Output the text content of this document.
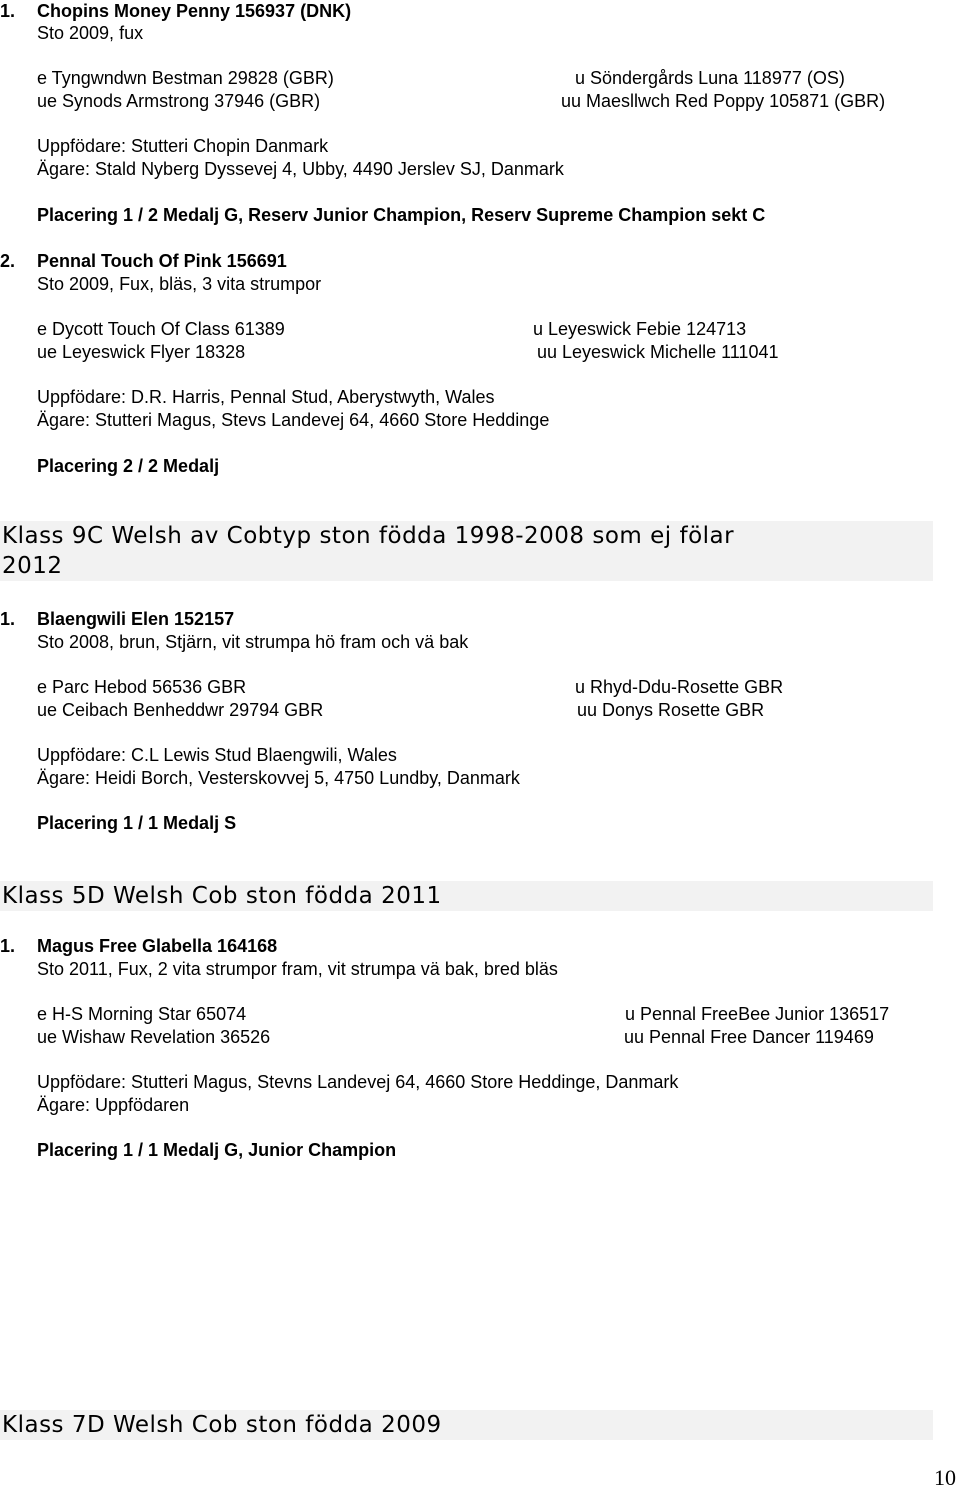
1. Chopins Money Penny 156937 (DNK)
Sto 2009, fux
e Tyngwndwn Bestman 29828 (GBR)	u Söndergårds Luna 118977 (OS)
ue Synods Armstrong 37946 (GBR)	uu Maesllwch Red Poppy 105871 (GBR)
Uppfödare: Stutteri Chopin Danmark
Ägare: Stald Nyberg Dyssevej 4, Ubby, 4490 Jerslev SJ, Danmark
Placering 1 / 2 Medalj G, Reserv Junior Champion, Reserv Supreme Champion sekt C
2. Pennal Touch Of Pink 156691
Sto 2009, Fux, bläs, 3 vita strumpor
e Dycott Touch Of Class 61389	u Leyeswick Febie 124713
ue Leyeswick Flyer 18328	uu Leyeswick Michelle 111041
Uppfödare: D.R. Harris, Pennal Stud, Aberystwyth, Wales
Ägare: Stutteri Magus, Stevs Landevej 64, 4660 Store Heddinge
Placering 2 / 2 Medalj
Klass 9C Welsh av Cobtyp ston födda 1998-2008 som ej fölar
2012
1. Blaengwili Elen 152157
Sto 2008, brun, Stjärn, vit strumpa hö fram och vä bak
e Parc Hebod 56536 GBR	u Rhyd-Ddu-Rosette GBR
ue Ceibach Benheddwr 29794 GBR	uu Donys Rosette GBR
Uppfödare: C.L Lewis Stud Blaengwili, Wales
Ägare: Heidi Borch, Vesterskovvej 5, 4750 Lundby, Danmark
Placering 1 / 1 Medalj S
Klass 5D Welsh Cob ston födda 2011
1. Magus Free Glabella 164168
Sto 2011, Fux, 2 vita strumpor fram, vit strumpa vä bak, bred bläs
e H-S Morning Star 65074	u Pennal FreeBee Junior 136517
ue Wishaw Revelation 36526	uu Pennal Free Dancer 119469
Uppfödare: Stutteri Magus, Stevns Landevej 64, 4660 Store Heddinge, Danmark
Ägare: Uppfödaren
Placering 1 / 1 Medalj G, Junior Champion
Klass 7D Welsh Cob ston födda 2009
10
